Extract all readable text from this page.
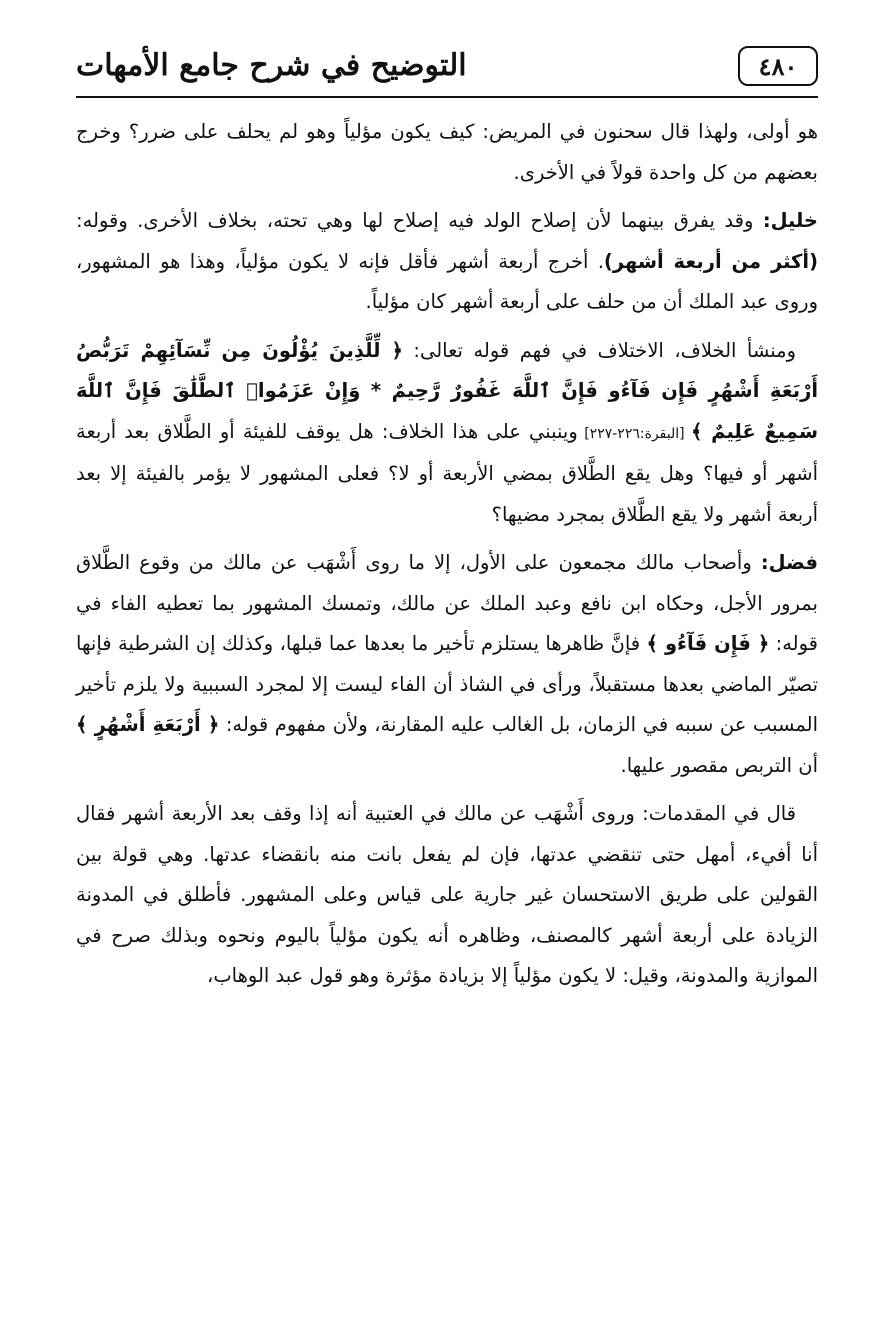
٤٨٠
التوضيح في شرح جامع الأمهات

هو أولى، ولهذا قال سحنون في المريض: كيف يكون مؤلياً وهو لم يحلف على ضرر؟ وخرج بعضهم من كل واحدة قولاً في الأخرى.

خليل: وقد يفرق بينهما لأن إصلاح الولد فيه إصلاح لها وهي تحته، بخلاف الأخرى. وقوله: (أكثر من أربعة أشهر). أخرج أربعة أشهر فأقل فإنه لا يكون مؤلياً، وهذا هو المشهور، وروى عبد الملك أن من حلف على أربعة أشهر كان مؤلياً.

ومنشأ الخلاف، الاختلاف في فهم قوله تعالى: ﴿ لِّلَّذِينَ يُؤْلُونَ مِن نِّسَآئِهِمْ تَرَبُّصُ أَرْبَعَةِ أَشْهُرٍ فَإِن فَآءُو فَإِنَّ ٱللَّهَ غَفُورٌ رَّحِيمٌ * وَإِنْ عَزَمُوا۟ ٱلطَّلَٰقَ فَإِنَّ ٱللَّهَ سَمِيعٌ عَلِيمٌ ﴾ [البقرة:٢٢٦-٢٢٧] وينبني على هذا الخلاف: هل يوقف للفيئة أو الطَّلاق بعد أربعة أشهر أو فيها؟ وهل يقع الطَّلاق بمضي الأربعة أو لا؟ فعلى المشهور لا يؤمر بالفيئة إلا بعد أربعة أشهر ولا يقع الطَّلاق بمجرد مضيها؟

فضل: وأصحاب مالك مجمعون على الأول، إلا ما روى أَشْهَب عن مالك من وقوع الطَّلاق بمرور الأجل، وحكاه ابن نافع وعبد الملك عن مالك، وتمسك المشهور بما تعطيه الفاء في قوله: ﴿ فَإِن فَآءُو ﴾ فإنَّ ظاهرها يستلزم تأخير ما بعدها عما قبلها، وكذلك إن الشرطية فإنها تصيّر الماضي بعدها مستقبلاً، ورأى في الشاذ أن الفاء ليست إلا لمجرد السببية ولا يلزم تأخير المسبب عن سببه في الزمان، بل الغالب عليه المقارنة، ولأن مفهوم قوله: ﴿ أَرْبَعَةِ أَشْهُرٍ ﴾ أن التربص مقصور عليها.

قال في المقدمات: وروى أَشْهَب عن مالك في العتبية أنه إذا وقف بعد الأربعة أشهر فقال أنا أفيء، أمهل حتى تنقضي عدتها، فإن لم يفعل بانت منه بانقضاء عدتها. وهي قولة بين القولين على طريق الاستحسان غير جارية على قياس وعلى المشهور. فأطلق في المدونة الزيادة على أربعة أشهر كالمصنف، وظاهره أنه يكون مؤلياً باليوم ونحوه وبذلك صرح في الموازية والمدونة، وقيل: لا يكون مؤلياً إلا بزيادة مؤثرة وهو قول عبد الوهاب،
